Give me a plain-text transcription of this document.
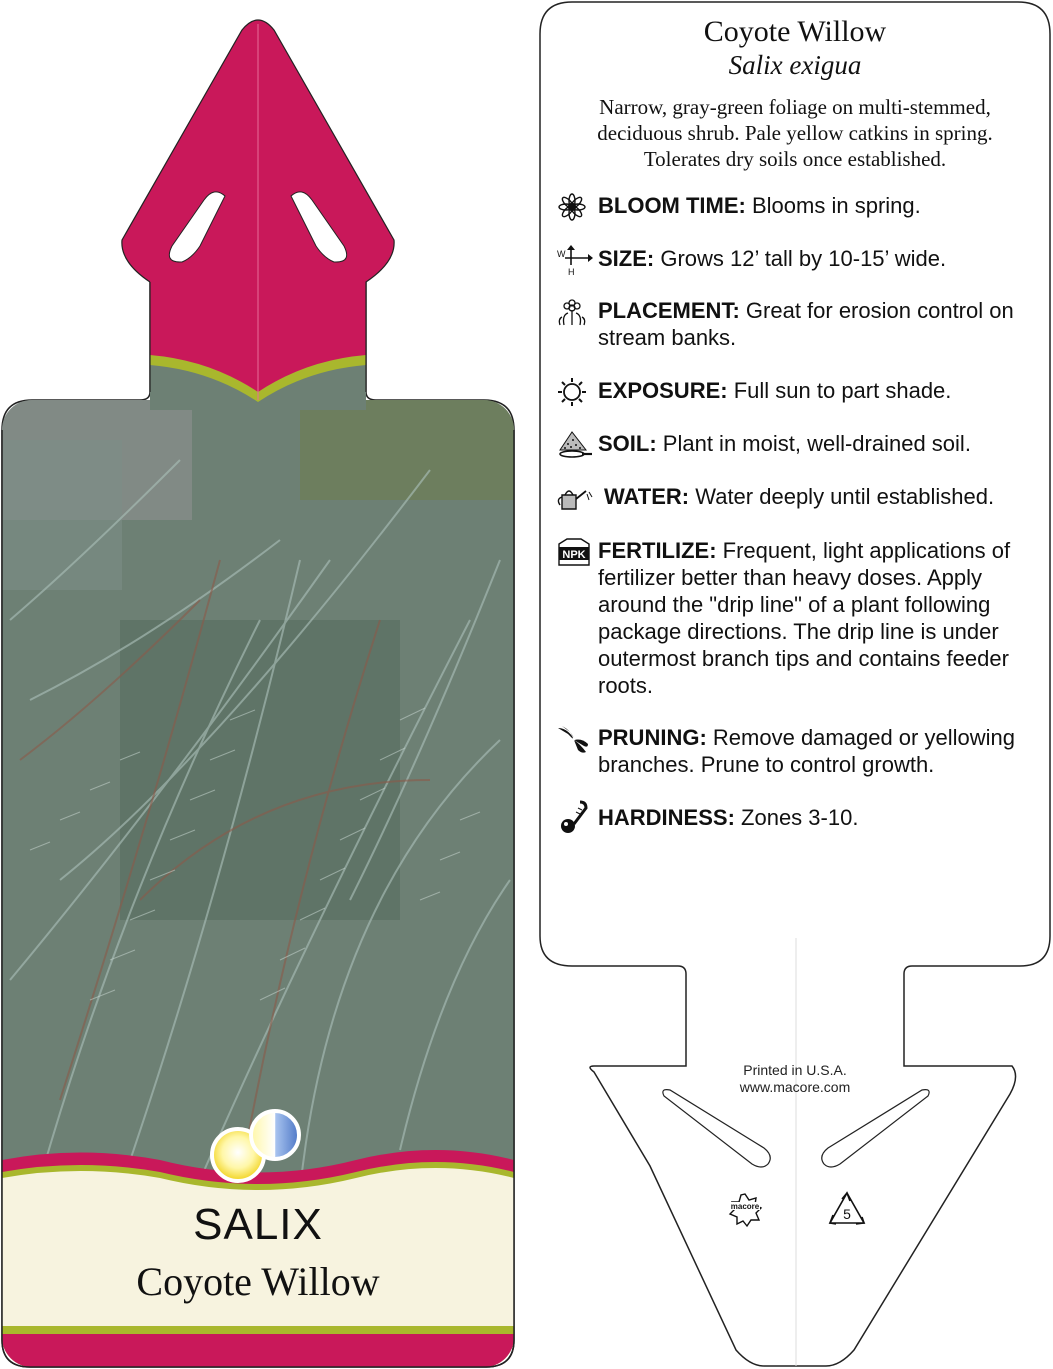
SALIX
Coyote Willow
Coyote Willow
Salix exigua
Narrow, gray-green foliage on multi-stemmed, deciduous shrub. Pale yellow catkins in spring. Tolerates dry soils once established.
BLOOM TIME: Blooms in spring.
W
H
SIZE: Grows 12’ tall by 10-15’ wide.
PLACEMENT: Great for erosion control on stream banks.
EXPOSURE: Full sun to part shade.
SOIL: Plant in moist, well-drained soil.
WATER: Water deeply until established.
NPK FERTILIZE: Frequent, light applications of fertilizer better than heavy doses. Apply around the "drip line" of a plant following package directions. The drip line is under outermost branch tips and contains feeder roots.
PRUNING: Remove damaged or yellowing branches. Prune to control growth.
HARDINESS: Zones 3-10.
Printed in U.S.A.
www.macore.com
macore	5
